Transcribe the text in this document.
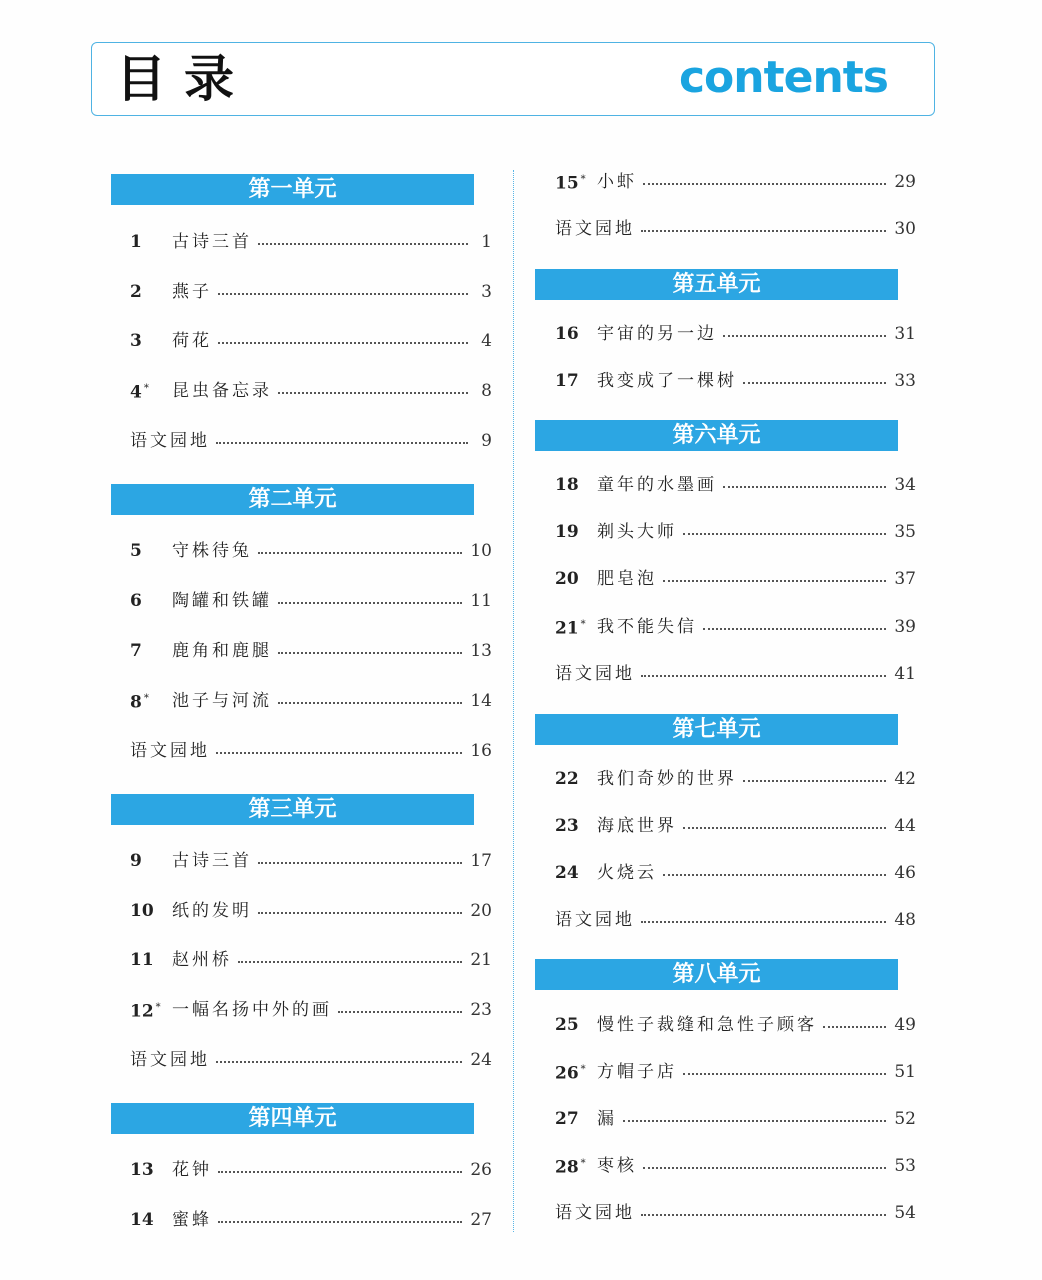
目录	contents
第一单元
第二单元
第三单元
第四单元
第五单元
第六单元
第七单元
第八单元
1	古诗三首	1
2	燕子	3
3	荷花	4
4 *	昆虫备忘录	8
语文园地	9
5	守株待兔	10
6	陶罐和铁罐	11
7	鹿角和鹿腿	13
8 *	池子与河流	14
语文园地	16
9	古诗三首	17
10	纸的发明	20
11	赵州桥	21
12 * 一幅名扬中外的画	23
语文园地	24
13	花钟	26
14	蜜蜂	27
15 * 小虾	29
语文园地	30
16	宇宙的另一边	31
17	我变成了一棵树	33
18	童年的水墨画	34
19	剃头大师	35
20	肥皂泡	37
21 * 我不能失信	39
语文园地	41
22	我们奇妙的世界	42
23	海底世界	44
24	火烧云	46
语文园地	48
25	慢性子裁缝和急性子顾客	49
26 * 方帽子店	51
27	漏	52
28 * 枣核	53
语文园地	54
